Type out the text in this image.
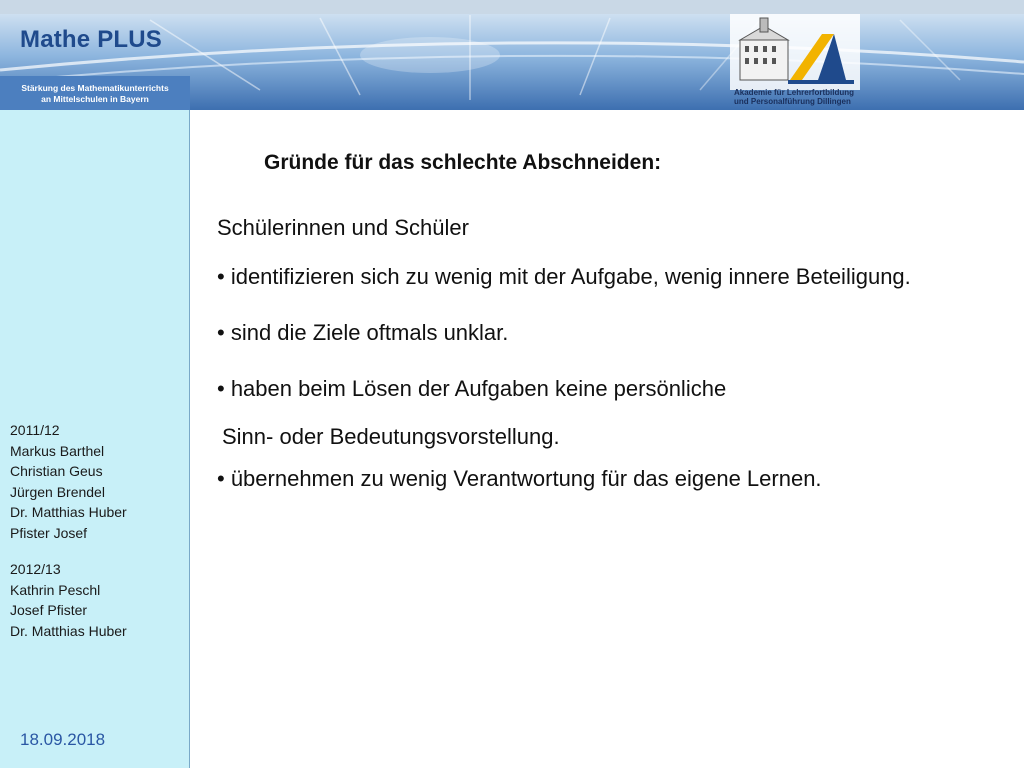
Mathe PLUS
Stärkung des Mathematikunterrichts
an Mittelschulen in Bayern
Akademie für Lehrerfortbildung
und Personalführung Dillingen
2011/12
Markus Barthel
Christian Geus
Jürgen Brendel
Dr. Matthias Huber
Pfister Josef
2012/13
Kathrin Peschl
Josef Pfister
Dr. Matthias Huber
18.09.2018
Gründe für das schlechte Abschneiden:
Schülerinnen und Schüler
• identifizieren sich zu wenig mit der Aufgabe, wenig innere Beteiligung.
• sind die Ziele oftmals unklar.
• haben beim Lösen der Aufgaben keine persönliche
Sinn- oder Bedeutungsvorstellung.
• übernehmen zu wenig Verantwortung für das eigene Lernen.
